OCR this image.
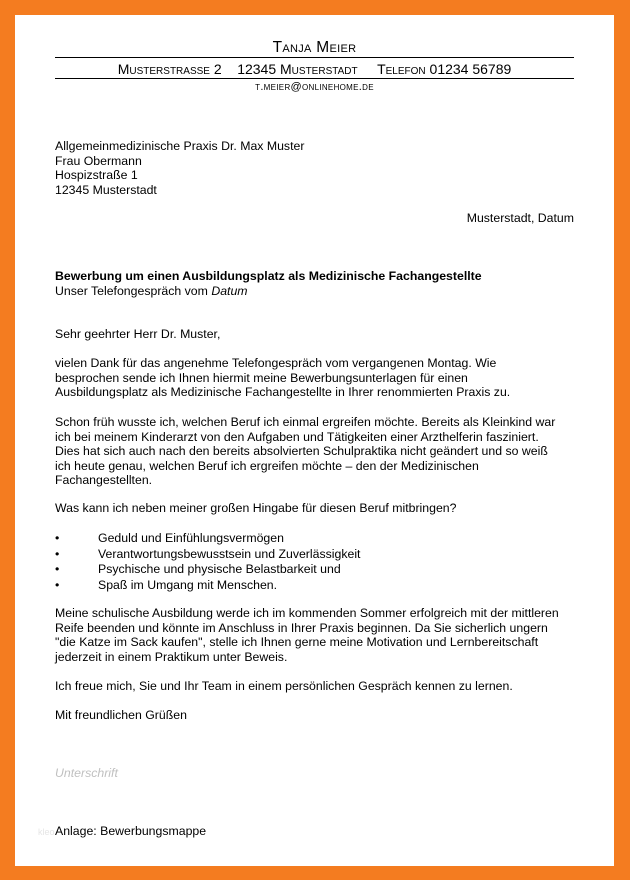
Tanja Meier
Musterstrasse 2 12345 Musterstadt Telefon 01234 56789
t.meier@onlinehome.de
Allgemeinmedizinische Praxis Dr. Max Muster
Frau Obermann
Hospizstraße 1
12345 Musterstadt
Musterstadt, Datum
Bewerbung um einen Ausbildungsplatz als Medizinische Fachangestellte
Unser Telefongespräch vom Datum
Sehr geehrter Herr Dr. Muster,
vielen Dank für das angenehme Telefongespräch vom vergangenen Montag. Wie
besprochen sende ich Ihnen hiermit meine Bewerbungsunterlagen für einen
Ausbildungsplatz als Medizinische Fachangestellte in Ihrer renommierten Praxis zu.
Schon früh wusste ich, welchen Beruf ich einmal ergreifen möchte. Bereits als Kleinkind war
ich bei meinem Kinderarzt von den Aufgaben und Tätigkeiten einer Arzthelferin fasziniert.
Dies hat sich auch nach den bereits absolvierten Schulpraktika nicht geändert und so weiß
ich heute genau, welchen Beruf ich ergreifen möchte – den der Medizinischen
Fachangestellten.
Was kann ich neben meiner großen Hingabe für diesen Beruf mitbringen?
•	Geduld und Einfühlungsvermögen
•	Verantwortungsbewusstsein und Zuverlässigkeit
•	Psychische und physische Belastbarkeit und
•	Spaß im Umgang mit Menschen.
Meine schulische Ausbildung werde ich im kommenden Sommer erfolgreich mit der mittleren
Reife beenden und könnte im Anschluss in Ihrer Praxis beginnen. Da Sie sicherlich ungern
"die Katze im Sack kaufen", stelle ich Ihnen gerne meine Motivation und Lernbereitschaft
jederzeit in einem Praktikum unter Beweis.
Ich freue mich, Sie und Ihr Team in einem persönlichen Gespräch kennen zu lernen.
Mit freundlichen Grüßen
Unterschrift
kleo Anlage: Bewerbungsmappe
